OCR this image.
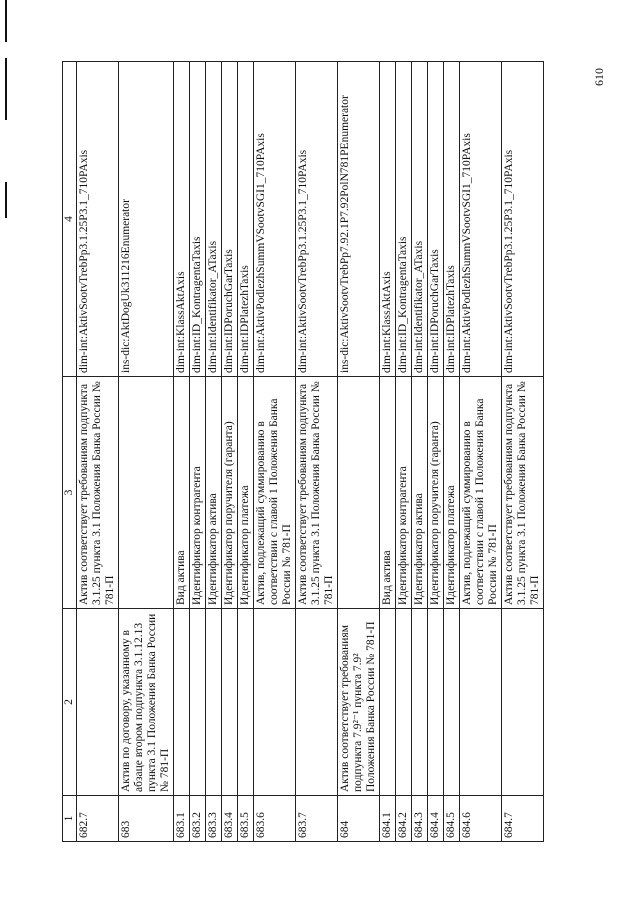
610
1	2	3	4
682.7		Актив соответствует требованиям подпункта 3.1.25 пункта 3.1 Положения Банка России № 781-П	dim-int:AktivSootvTrebPp3.1.25P3.1_710PAxis
683	Актив по договору, указанному в абзаце втором подпункта 3.1.12.13 пункта 3.1 Положения Банка России № 781-П		ins-dic:AktDogUk311216Enumerator
683.1		Вид актива	dim-int:KlassAktAxis
683.2		Идентификатор контрагента	dim-int:ID_KontragentaTaxis
683.3		Идентификатор актива	dim-int:Identifikator_ATaxis
683.4		Идентификатор поручителя (гаранта)	dim-int:IDPoruchGarTaxis
683.5		Идентификатор платежа	dim-int:IDPlatezhTaxis
683.6		Актив, подлежащий суммированию в соответствии с главой 1 Положения Банка России № 781-П	dim-int:AktivPodlezhSummVSootvSGI1_710PAxis
683.7		Актив соответствует требованиям подпункта 3.1.25 пункта 3.1 Положения Банка России № 781-П	dim-int:AktivSootvTrebPp3.1.25P3.1_710PAxis
684	Актив соответствует требованиям подпункта 7.9²⁻¹ пункта 7.9² Положения Банка России № 781-П		ins-dic:AktivSootvTrebPp7.92.1P7.92PolN781PEnumerator
684.1		Вид актива	dim-int:KlassAktAxis
684.2		Идентификатор контрагента	dim-int:ID_KontragentaTaxis
684.3		Идентификатор актива	dim-int:Identifikator_ATaxis
684.4		Идентификатор поручителя (гаранта)	dim-int:IDPoruchGarTaxis
684.5		Идентификатор платежа	dim-int:IDPlatezhTaxis
684.6		Актив, подлежащий суммированию в соответствии с главой 1 Положения Банка России № 781-П	dim-int:AktivPodlezhSummVSootvSGI1_710PAxis
684.7		Актив соответствует требованиям подпункта 3.1.25 пункта 3.1 Положения Банка России № 781-П	dim-int:AktivSootvTrebPp3.1.25P3.1_710PAxis
